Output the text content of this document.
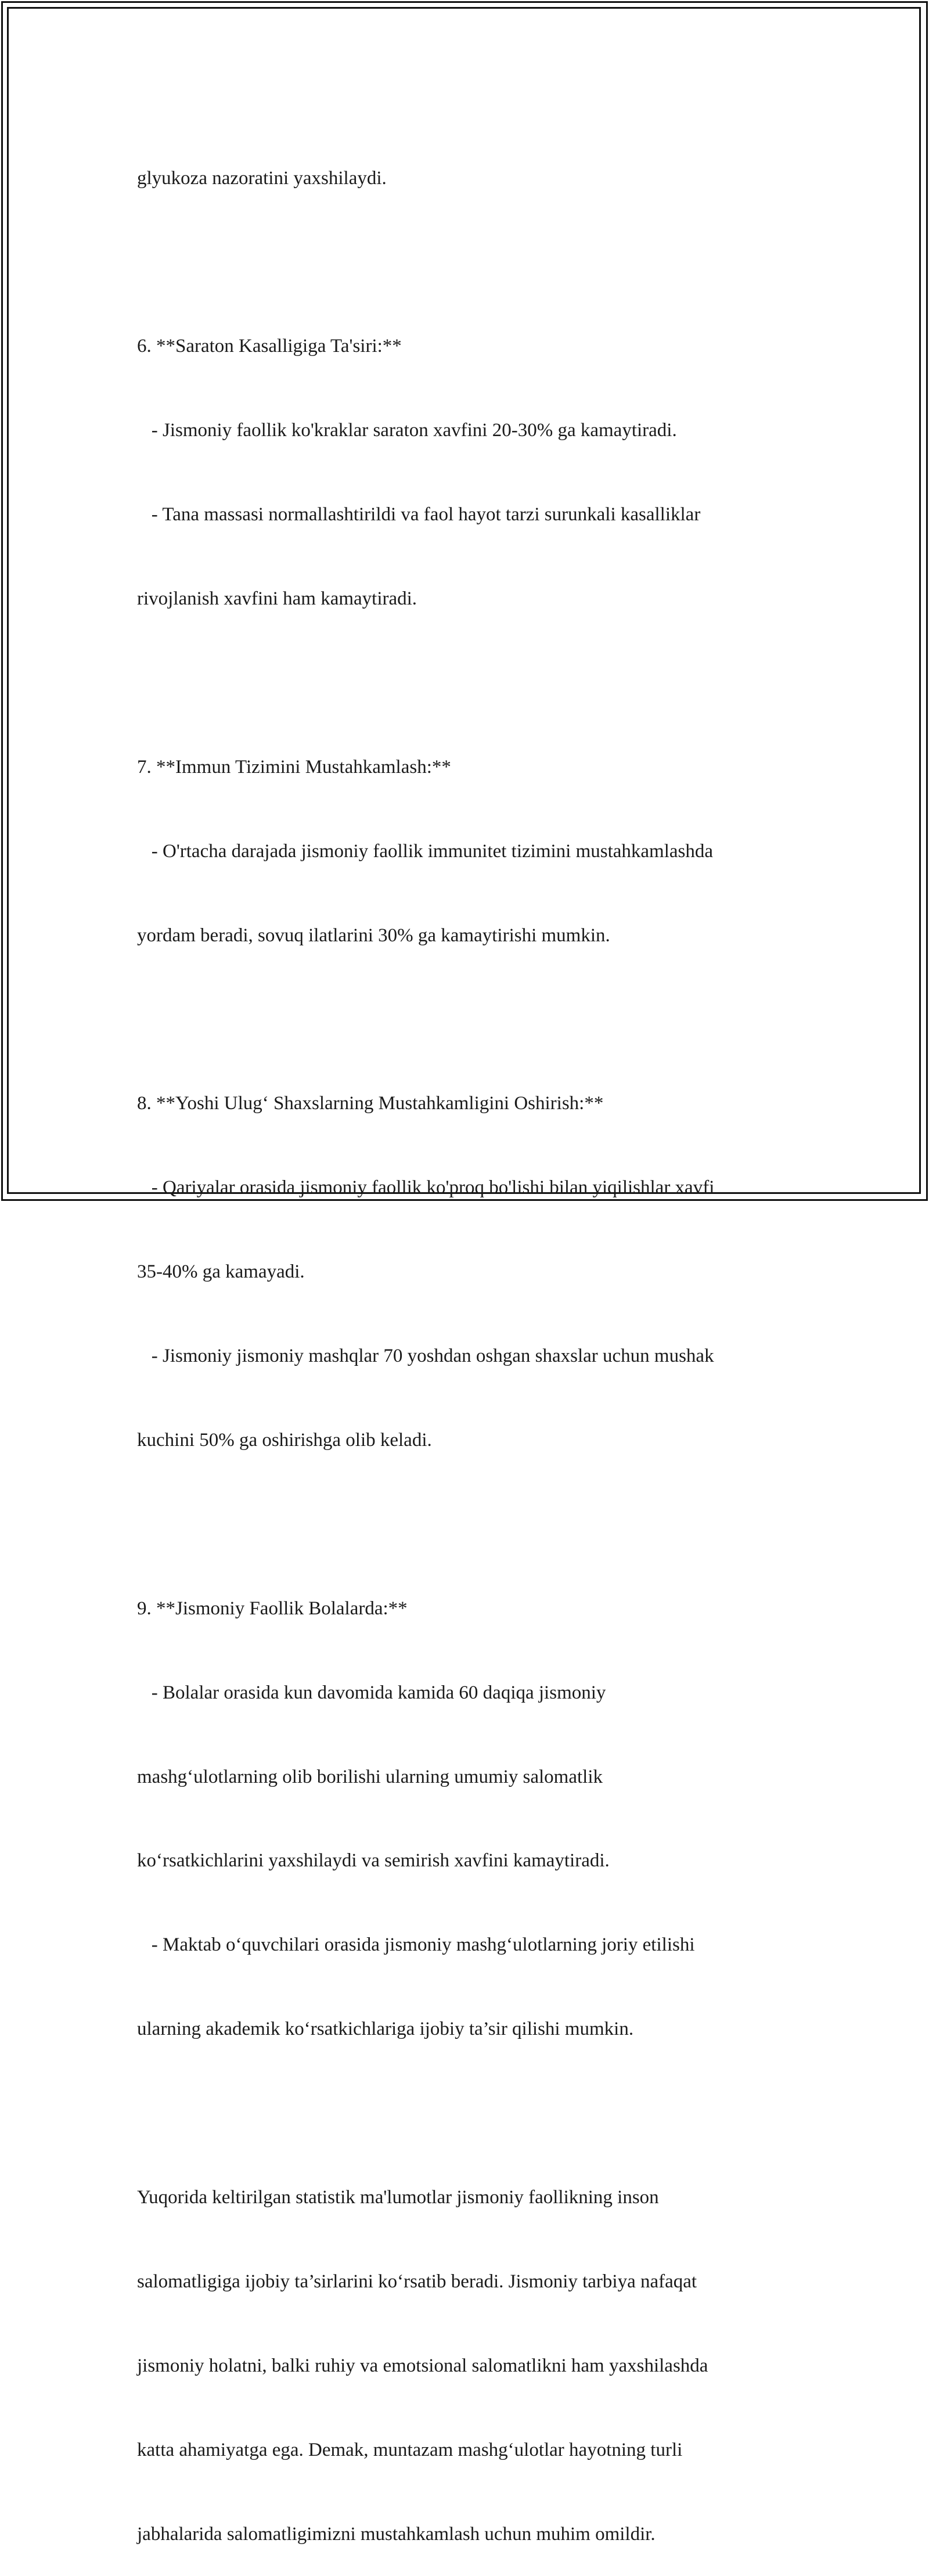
glyukoza nazoratini yaxshilaydi.

6. **Saraton Kasalligiga Ta'siri:**

- Jismoniy faollik ko'kraklar saraton xavfini 20-30% ga kamaytiradi.

- Tana massasi normallashtirildi va faol hayot tarzi surunkali kasalliklar

rivojlanish xavfini ham kamaytiradi.

7. **Immun Tizimini Mustahkamlash:**

- O'rtacha darajada jismoniy faollik immunitet tizimini mustahkamlashda

yordam beradi, sovuq ilatlarini 30% ga kamaytirishi mumkin.

8. **Yoshi Ulug‘ Shaxslarning Mustahkamligini Oshirish:**

- Qariyalar orasida jismoniy faollik ko'proq bo'lishi bilan yiqilishlar xavfi

35-40% ga kamayadi.

- Jismoniy jismoniy mashqlar 70 yoshdan oshgan shaxslar uchun mushak

kuchini 50% ga oshirishga olib keladi.

9. **Jismoniy Faollik Bolalarda:**

- Bolalar orasida kun davomida kamida 60 daqiqa jismoniy

mashg‘ulotlarning olib borilishi ularning umumiy salomatlik

ko‘rsatkichlarini yaxshilaydi va semirish xavfini kamaytiradi.

- Maktab o‘quvchilari orasida jismoniy mashg‘ulotlarning joriy etilishi

ularning akademik ko‘rsatkichlariga ijobiy ta’sir qilishi mumkin.

Yuqorida keltirilgan statistik ma'lumotlar jismoniy faollikning inson

salomatligiga ijobiy ta’sirlarini ko‘rsatib beradi. Jismoniy tarbiya nafaqat

jismoniy holatni, balki ruhiy va emotsional salomatlikni ham yaxshilashda

katta ahamiyatga ega. Demak, muntazam mashg‘ulotlar hayotning turli

jabhalarida salomatligimizni mustahkamlash uchun muhim omildir.
